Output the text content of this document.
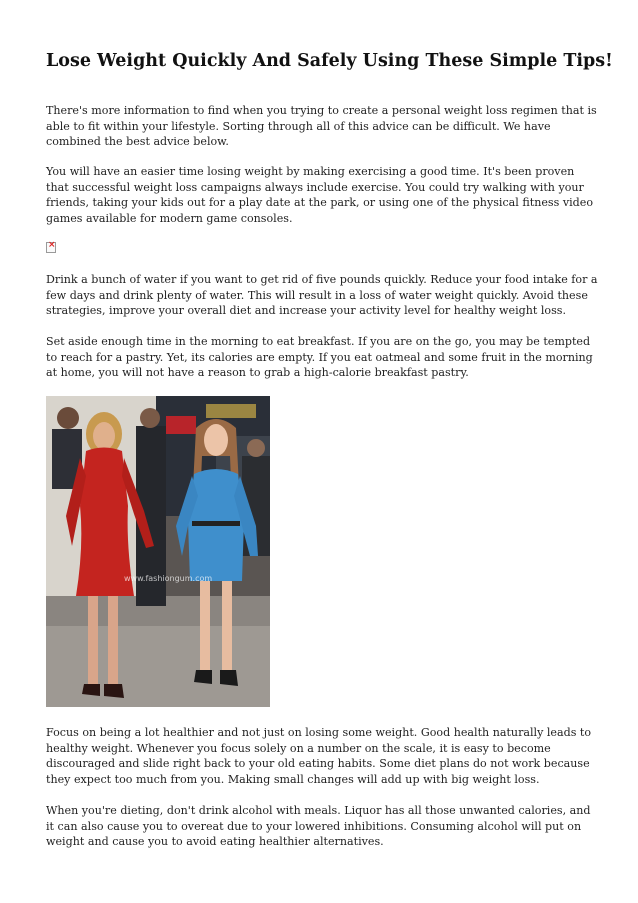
Lose Weight Quickly And Safely Using These Simple Tips!

There's more information to find when you trying to create a personal weight loss regimen that is able to fit within your lifestyle. Sorting through all of this advice can be difficult. We have combined the best advice below.

You will have an easier time losing weight by making exercising a good time. It's been proven that successful weight loss campaigns always include exercise. You could try walking with your friends, taking your kids out for a play date at the park, or using one of the physical fitness video games available for modern game consoles.

×

Drink a bunch of water if you want to get rid of five pounds quickly. Reduce your food intake for a few days and drink plenty of water. This will result in a loss of water weight quickly. Avoid these strategies, improve your overall diet and increase your activity level for healthy weight loss.

Set aside enough time in the morning to eat breakfast. If you are on the go, you may be tempted to reach for a pastry. Yet, its calories are empty. If you eat oatmeal and some fruit in the morning at home, you will not have a reason to grab a high-calorie breakfast pastry.

www.fashiongum.com

Focus on being a lot healthier and not just on losing some weight. Good health naturally leads to healthy weight. Whenever you focus solely on a number on the scale, it is easy to become discouraged and slide right back to your old eating habits. Some diet plans do not work because they expect too much from you. Making small changes will add up with big weight loss.

When you're dieting, don't drink alcohol with meals. Liquor has all those unwanted calories, and it can also cause you to overeat due to your lowered inhibitions. Consuming alcohol will put on weight and cause you to avoid eating healthier alternatives.
